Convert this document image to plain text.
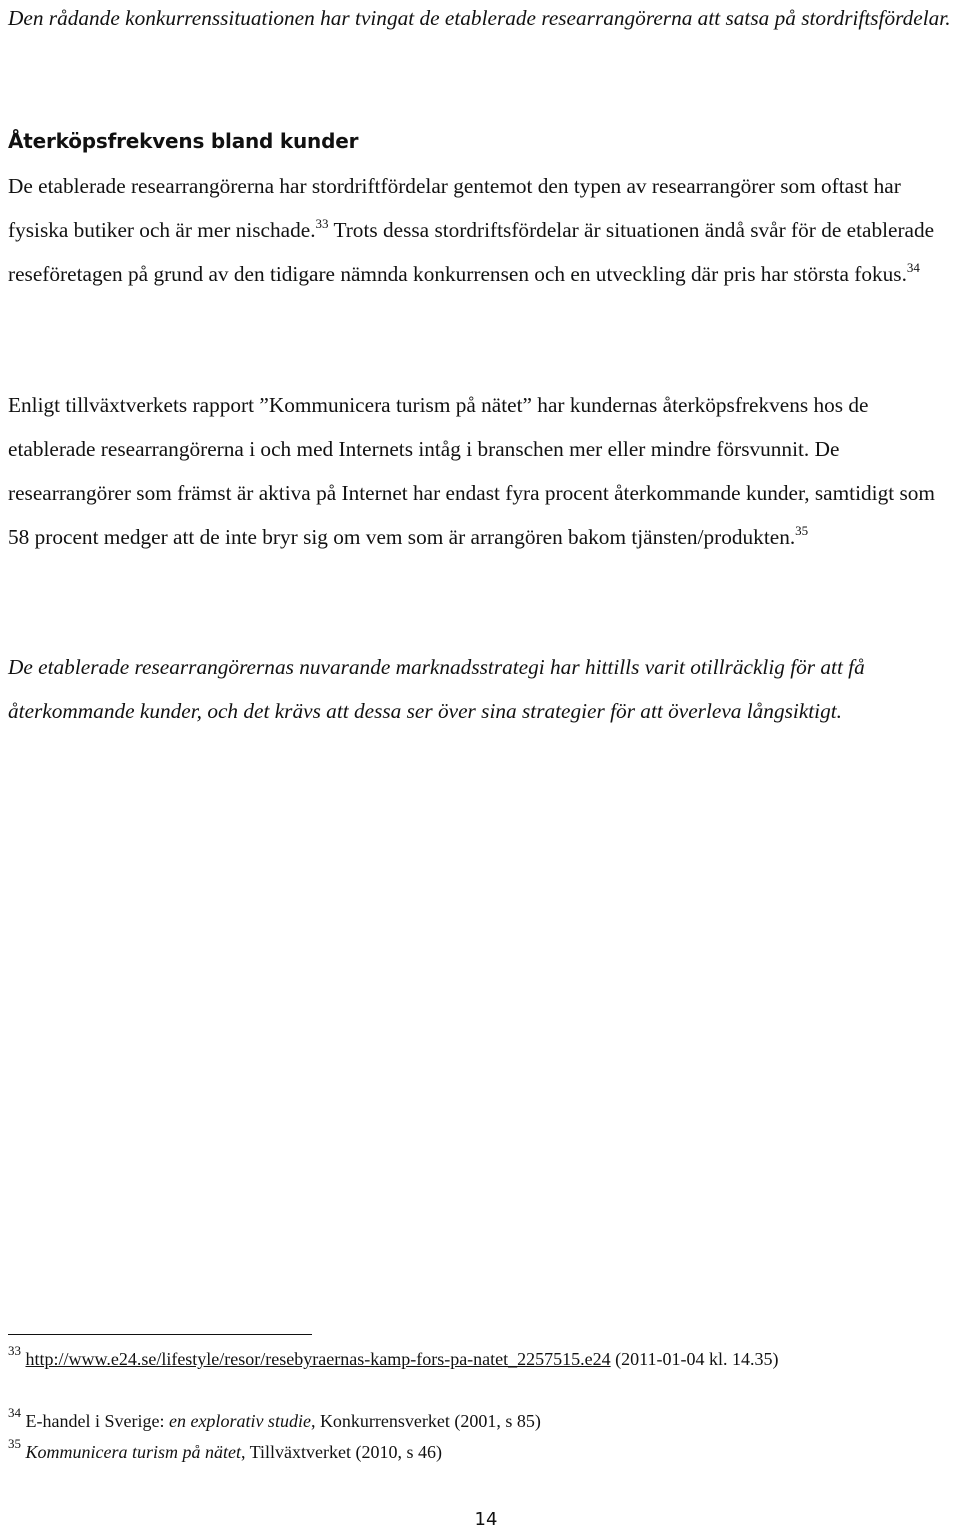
Den rådande konkurrenssituationen har tvingat de etablerade researrangörerna att satsa på stordriftsfördelar.
Återköpsfrekvens bland kunder
De etablerade researrangörerna har stordriftfördelar gentemot den typen av researrangörer som oftast har fysiska butiker och är mer nischade.$^{33}$ Trots dessa stordriftsfördelar är situationen ändå svår för de etablerade reseföretagen på grund av den tidigare nämnda konkurrensen och en utveckling där pris har största fokus.$^{34}$
Enligt tillväxtverkets rapport ”Kommunicera turism på nätet” har kundernas återköpsfrekvens hos de etablerade researrangörerna i och med Internets intåg i branschen mer eller mindre försvunnit. De researrangörer som främst är aktiva på Internet har endast fyra procent återkommande kunder, samtidigt som 58 procent medger att de inte bryr sig om vem som är arrangören bakom tjänsten/produkten.$^{35}$
De etablerade researrangörernas nuvarande marknadsstrategi har hittills varit otillräcklig för att få återkommande kunder, och det krävs att dessa ser över sina strategier för att överleva långsiktigt.
$^{33}$ http://www.e24.se/lifestyle/resor/resebyraernas-kamp-fors-pa-natet_2257515.e24 (2011-01-04 kl. 14.35)
$^{34}$ E-handel i Sverige: en explorativ studie, Konkurrensverket (2001, s 85)
$^{35}$ Kommunicera turism på nätet, Tillväxtverket (2010, s 46)
14
